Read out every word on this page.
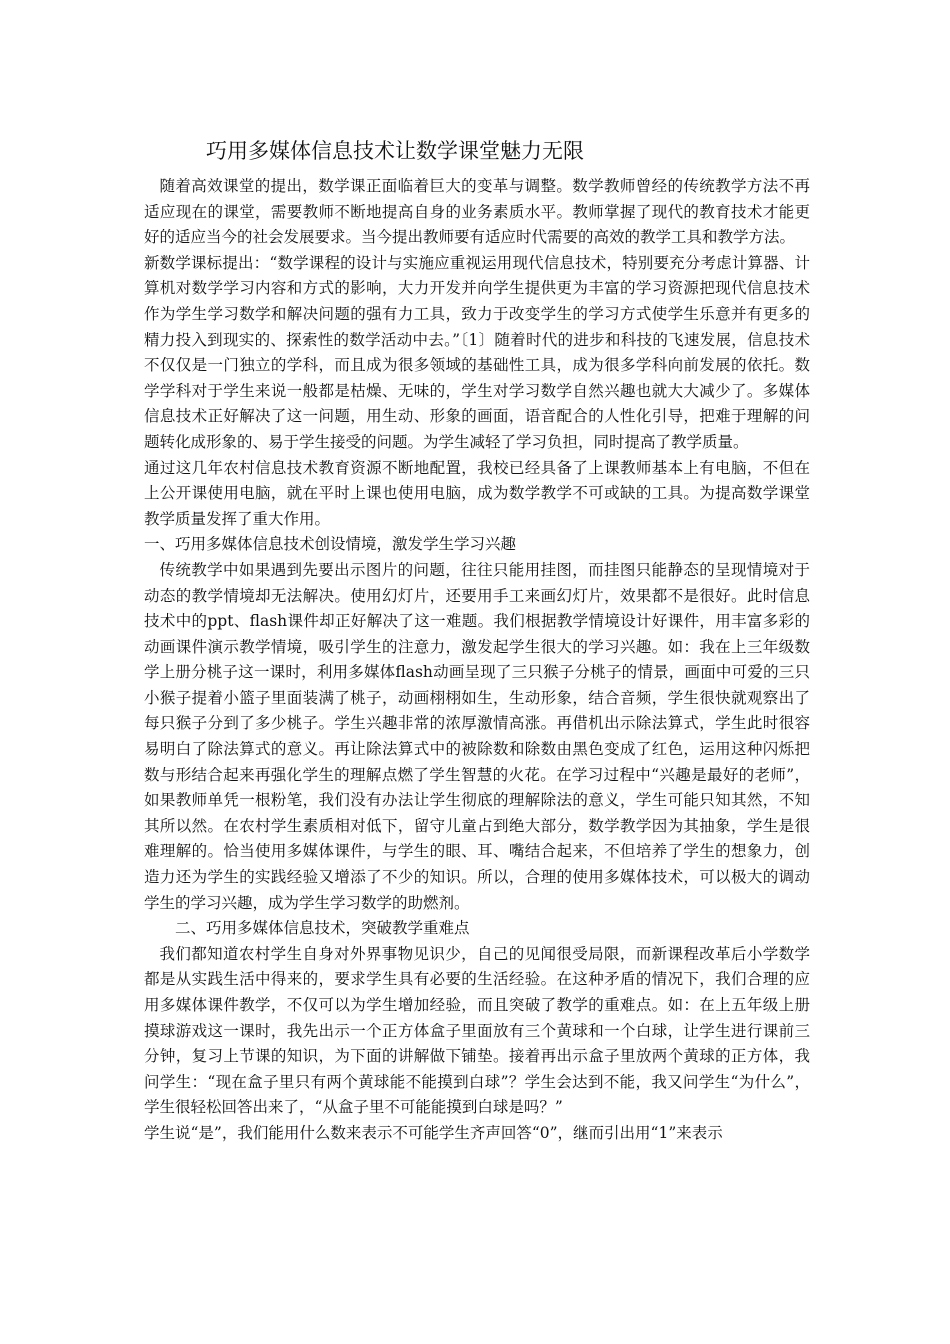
巧用多媒体信息技术让数学课堂魅力无限

随着高效课堂的提出，数学课正面临着巨大的变革与调整。数学教师曾经的传统教学方法不再适应现在的课堂，需要教师不断地提高自身的业务素质水平。教师掌握了现代的教育技术才能更好的适应当今的社会发展要求。当今提出教师要有适应时代需要的高效的教学工具和教学方法。

新数学课标提出：“数学课程的设计与实施应重视运用现代信息技术，特别要充分考虑计算器、计算机对数学学习内容和方式的影响，大力开发并向学生提供更为丰富的学习资源把现代信息技术作为学生学习数学和解决问题的强有力工具，致力于改变学生的学习方式使学生乐意并有更多的精力投入到现实的、探索性的数学活动中去。”〔1〕随着时代的进步和科技的飞速发展，信息技术不仅仅是一门独立的学科，而且成为很多领域的基础性工具，成为很多学科向前发展的依托。数学学科对于学生来说一般都是枯燥、无味的，学生对学习数学自然兴趣也就大大减少了。多媒体信息技术正好解决了这一问题，用生动、形象的画面，语音配合的人性化引导，把难于理解的问题转化成形象的、易于学生接受的问题。为学生减轻了学习负担，同时提高了教学质量。

通过这几年农村信息技术教育资源不断地配置，我校已经具备了上课教师基本上有电脑，不但在上公开课使用电脑，就在平时上课也使用电脑，成为数学教学不可或缺的工具。为提高数学课堂教学质量发挥了重大作用。

一、巧用多媒体信息技术创设情境，激发学生学习兴趣

传统教学中如果遇到先要出示图片的问题，往往只能用挂图，而挂图只能静态的呈现情境对于动态的教学情境却无法解决。使用幻灯片，还要用手工来画幻灯片，效果都不是很好。此时信息技术中的ppt、flash课件却正好解决了这一难题。我们根据教学情境设计好课件，用丰富多彩的动画课件演示教学情境，吸引学生的注意力，激发起学生很大的学习兴趣。如：我在上三年级数学上册分桃子这一课时，利用多媒体flash动画呈现了三只猴子分桃子的情景，画面中可爱的三只小猴子提着小篮子里面装满了桃子，动画栩栩如生，生动形象，结合音频，学生很快就观察出了每只猴子分到了多少桃子。学生兴趣非常的浓厚激情高涨。再借机出示除法算式，学生此时很容易明白了除法算式的意义。再让除法算式中的被除数和除数由黑色变成了红色，运用这种闪烁把数与形结合起来再强化学生的理解点燃了学生智慧的火花。在学习过程中“兴趣是最好的老师”，如果教师单凭一根粉笔，我们没有办法让学生彻底的理解除法的意义，学生可能只知其然，不知其所以然。在农村学生素质相对低下，留守儿童占到绝大部分，数学教学因为其抽象，学生是很难理解的。恰当使用多媒体课件，与学生的眼、耳、嘴结合起来，不但培养了学生的想象力，创造力还为学生的实践经验又增添了不少的知识。所以，合理的使用多媒体技术，可以极大的调动学生的学习兴趣，成为学生学习数学的助燃剂。

二、巧用多媒体信息技术，突破教学重难点

我们都知道农村学生自身对外界事物见识少，自己的见闻很受局限，而新课程改革后小学数学都是从实践生活中得来的，要求学生具有必要的生活经验。在这种矛盾的情况下，我们合理的应用多媒体课件教学，不仅可以为学生增加经验，而且突破了教学的重难点。如：在上五年级上册摸球游戏这一课时，我先出示一个正方体盒子里面放有三个黄球和一个白球，让学生进行课前三分钟，复习上节课的知识，为下面的讲解做下铺垫。接着再出示盒子里放两个黄球的正方体，我问学生：“现在盒子里只有两个黄球能不能摸到白球”？学生会达到不能，我又问学生“为什么”，学生很轻松回答出来了，“从盒子里不可能能摸到白球是吗？”

学生说“是”，我们能用什么数来表示不可能学生齐声回答“0”，继而引出用“1”来表示
